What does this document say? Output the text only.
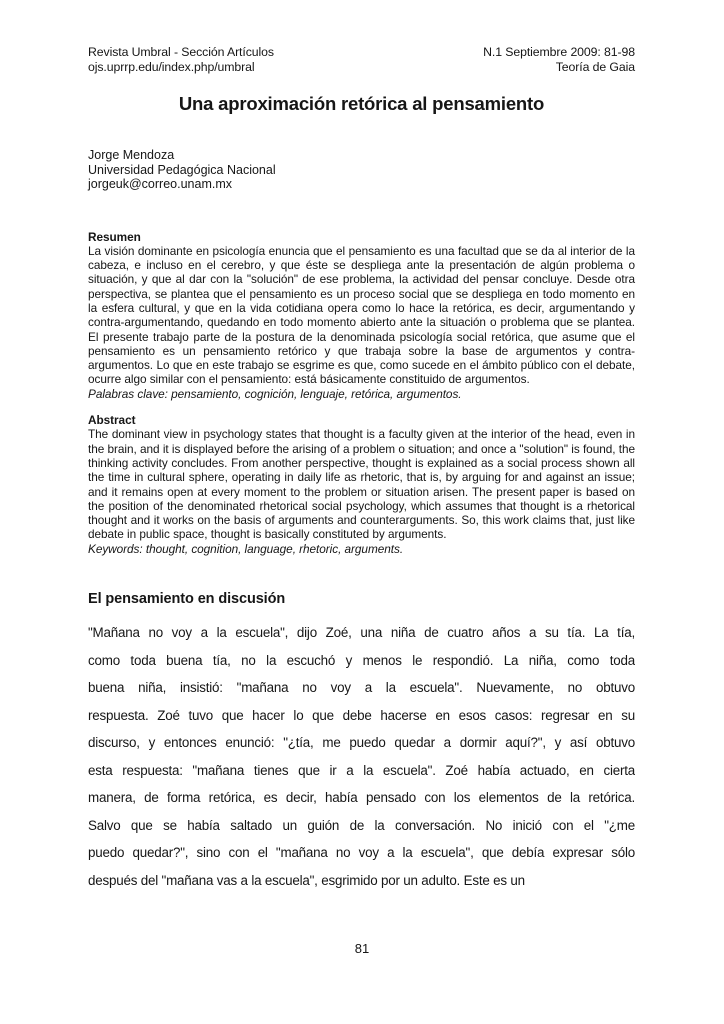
Revista Umbral - Sección Artículos
ojs.uprrp.edu/index.php/umbral
N.1 Septiembre 2009: 81-98
Teoría de Gaia
Una aproximación retórica al pensamiento
Jorge Mendoza
Universidad Pedagógica Nacional
jorgeuk@correo.unam.mx
Resumen
La visión dominante en psicología enuncia que el pensamiento es una facultad que se da al interior de la cabeza, e incluso en el cerebro, y que éste se despliega ante la presentación de algún problema o situación, y que al dar con la "solución" de ese problema, la actividad del pensar concluye. Desde otra perspectiva, se plantea que el pensamiento es un proceso social que se despliega en todo momento en la esfera cultural, y que en la vida cotidiana opera como lo hace la retórica, es decir, argumentando y contra-argumentando, quedando en todo momento abierto ante la situación o problema que se plantea. El presente trabajo parte de la postura de la denominada psicología social retórica, que asume que el pensamiento es un pensamiento retórico y que trabaja sobre la base de argumentos y contra-argumentos. Lo que en este trabajo se esgrime es que, como sucede en el ámbito público con el debate, ocurre algo similar con el pensamiento: está básicamente constituido de argumentos.
Palabras clave: pensamiento, cognición, lenguaje, retórica, argumentos.
Abstract
The dominant view in psychology states that thought is a faculty given at the interior of the head, even in the brain, and it is displayed before the arising of a problem o situation; and once a "solution" is found, the thinking activity concludes. From another perspective, thought is explained as a social process shown all the time in cultural sphere, operating in daily life as rhetoric, that is, by arguing for and against an issue; and it remains open at every moment to the problem or situation arisen. The present paper is based on the position of the denominated rhetorical social psychology, which assumes that thought is a rhetorical thought and it works on the basis of arguments and counterarguments. So, this work claims that, just like debate in public space, thought is basically constituted by arguments.
Keywords: thought, cognition, language, rhetoric, arguments.
El pensamiento en discusión
"Mañana no voy a la escuela", dijo Zoé, una niña de cuatro años a su tía. La tía,
como toda buena tía, no la escuchó y menos le respondió. La niña, como toda
buena niña, insistió: "mañana no voy a la escuela". Nuevamente, no obtuvo
respuesta. Zoé tuvo que hacer lo que debe hacerse en esos casos: regresar en su
discurso, y entonces enunció: "¿tía, me puedo quedar a dormir aquí?", y así obtuvo
esta respuesta: "mañana tienes que ir a la escuela". Zoé había actuado, en cierta
manera, de forma retórica, es decir, había pensado con los elementos de la retórica.
Salvo que se había saltado un guión de la conversación. No inició con el "¿me
puedo quedar?", sino con el "mañana no voy a la escuela", que debía expresar sólo
después del "mañana vas a la escuela", esgrimido por un adulto. Este es un
81
